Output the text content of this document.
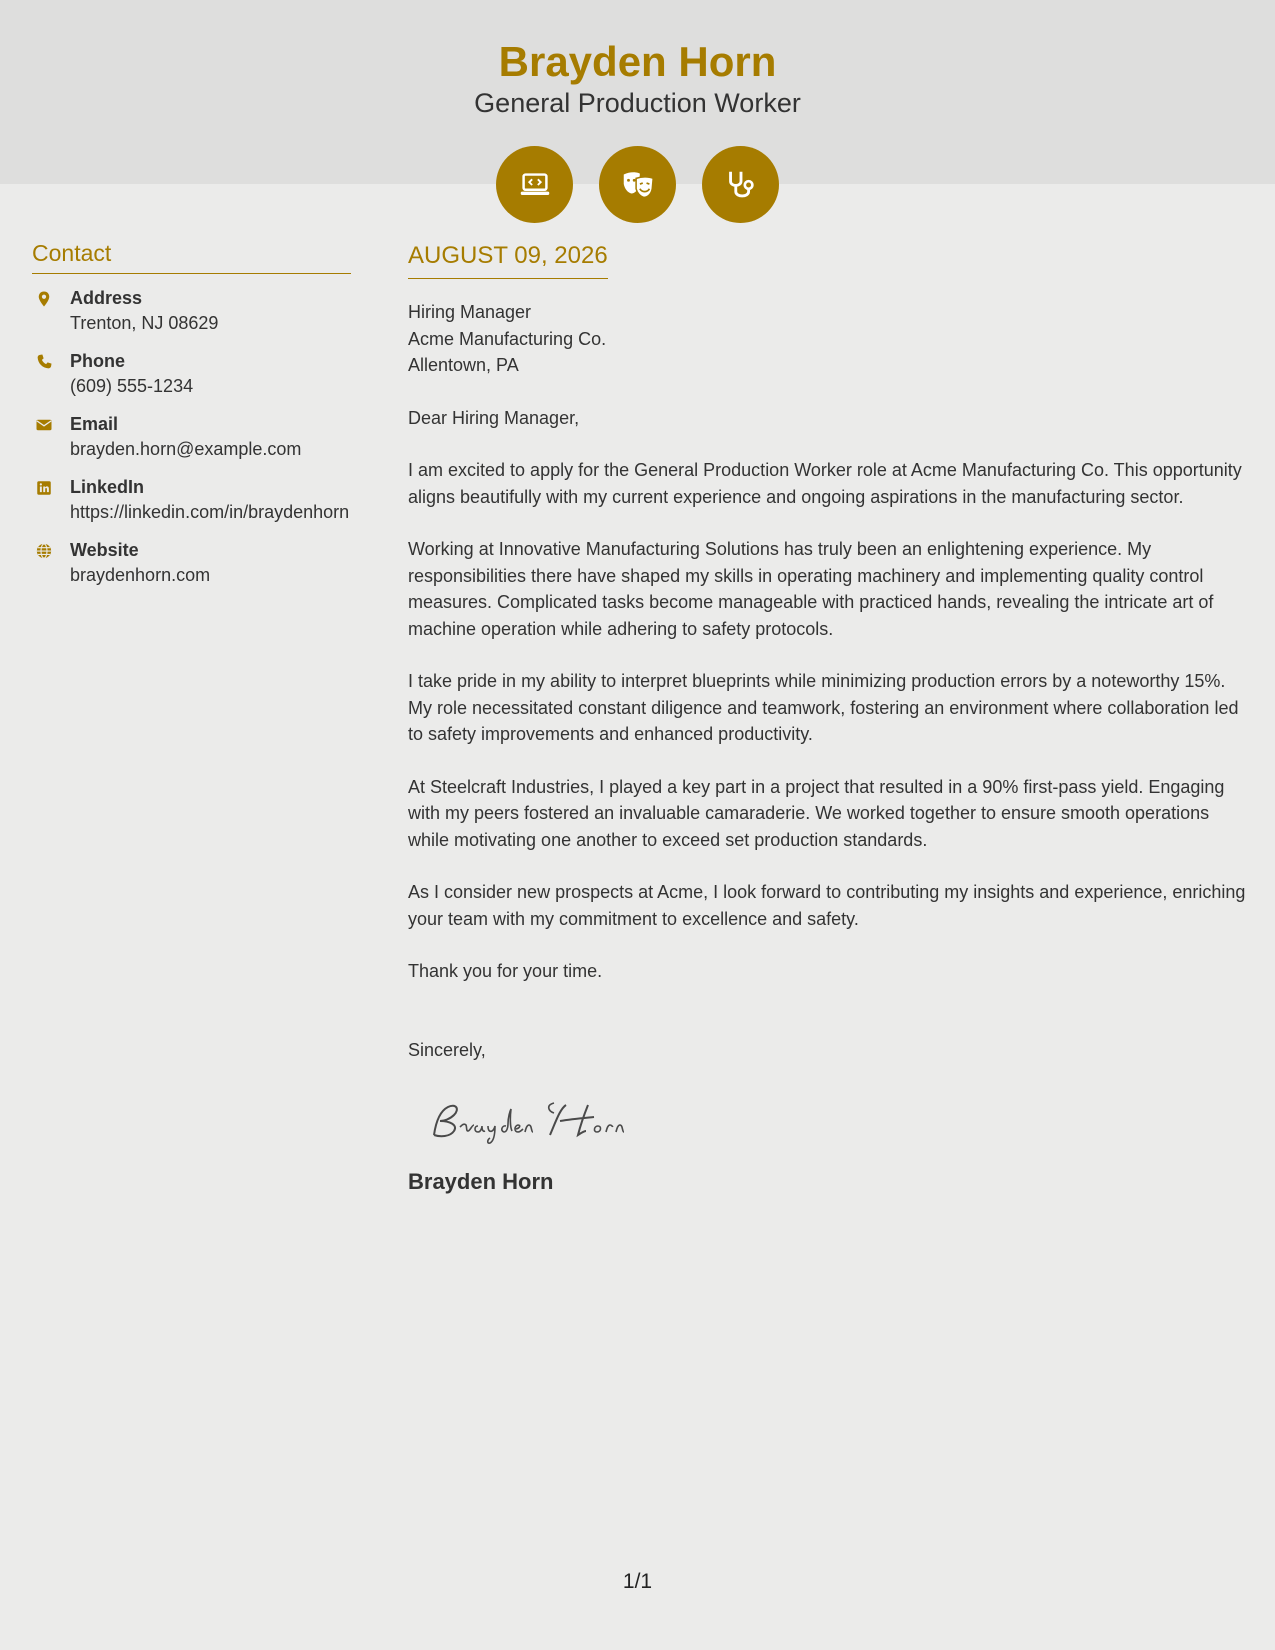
Brayden Horn
General Production Worker
Contact
Address
Trenton, NJ 08629
Phone
(609) 555-1234
Email
brayden.horn@example.com
LinkedIn
https://linkedin.com/in/braydenhorn
Website
braydenhorn.com
AUGUST 09, 2026
Hiring Manager
Acme Manufacturing Co.
Allentown, PA

Dear Hiring Manager,

I am excited to apply for the General Production Worker role at Acme Manufacturing Co. This opportunity aligns beautifully with my current experience and ongoing aspirations in the manufacturing sector.

Working at Innovative Manufacturing Solutions has truly been an enlightening experience. My responsibilities there have shaped my skills in operating machinery and implementing quality control measures. Complicated tasks become manageable with practiced hands, revealing the intricate art of machine operation while adhering to safety protocols.

I take pride in my ability to interpret blueprints while minimizing production errors by a noteworthy 15%. My role necessitated constant diligence and teamwork, fostering an environment where collaboration led to safety improvements and enhanced productivity.

At Steelcraft Industries, I played a key part in a project that resulted in a 90% first-pass yield. Engaging with my peers fostered an invaluable camaraderie. We worked together to ensure smooth operations while motivating one another to exceed set production standards.

As I consider new prospects at Acme, I look forward to contributing my insights and experience, enriching your team with my commitment to excellence and safety.

Thank you for your time.

Sincerely,

Brayden Horn
1/1
